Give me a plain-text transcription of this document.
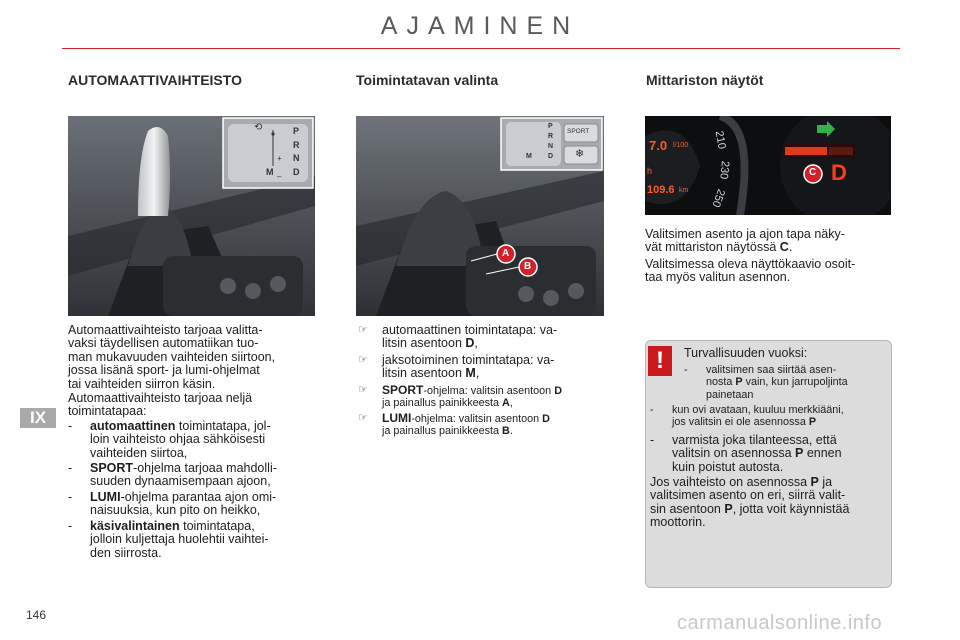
AJAMINEN
AUTOMAATTIVAIHTEISTO
⟲	P
R
N
D
M
+
–
Automaattivaihteisto tarjoaa valitta-
vaksi täydellisen automatiikan tuo-
man mukavuuden vaihteiden siirtoon,
jossa lisänä sport- ja lumi-ohjelmat
tai vaihteiden siirron käsin.
Automaattivaihteisto tarjoaa neljä
toimintatapaa:
- automaattinen toimintatapa, jol-
loin vaihteisto ohjaa sähköisesti
vaihteiden siirtoa,
- SPORT-ohjelma tarjoaa mahdolli-
suuden dynaamisempaan ajoon,
- LUMI-ohjelma parantaa ajon omi-
naisuuksia, kun pito on heikko,
- käsivalintainen toimintatapa,
jolloin kuljettaja huolehtii vaihtei-
den siirrosta.
Toimintatavan valinta
SPORT
❄
A
B
P
R
N
D
M
☞ automaattinen toimintatapa: va-
litsin asentoon D,
☞ jaksotoiminen toimintatapa: va-
litsin asentoon M,
☞ SPORT-ohjelma: valitsin asentoon D
ja painallus painikkeesta A,
☞ LUMI-ohjelma: valitsin asentoon D
ja painallus painikkeesta B.
Mittariston näytöt
7.0 l/100
h
109.6 km
210
230
250
C D
Valitsimen asento ja ajon tapa näky-
vät mittariston näytössä C.
Valitsimessa oleva näyttökaavio osoit-
taa myös valitun asennon.
!	Turvallisuuden vuoksi:
- valitsimen saa siirtää asen-
nosta P vain, kun jarrupoljinta
painetaan
- kun ovi avataan, kuuluu merkkiääni,
jos valitsin ei ole asennossa P
- varmista joka tilanteessa, että
valitsin on asennossa P ennen
kuin poistut autosta.
Jos vaihteisto on asennossa P ja
valitsimen asento on eri, siirrä valit-
sin asentoon P, jotta voit käynnistää
moottorin.
IX
146	carmanualsonline.info
